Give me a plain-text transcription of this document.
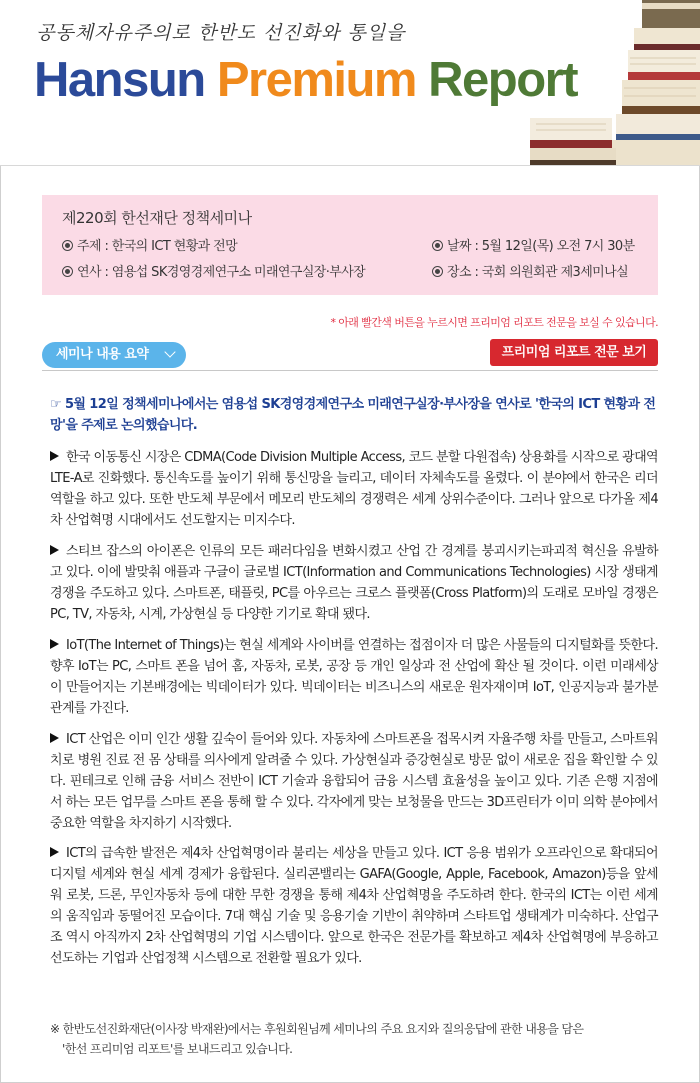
공동체자유주의로 한반도 선진화와 통일을
Hansun Premium Report
제220회 한선재단 정책세미나
주제 : 한국의 ICT 현황과 전망
연사 : 염용섭 SK경영경제연구소 미래연구실장·부사장
날짜 : 5월 12일(목) 오전 7시 30분
장소 : 국회 의원회관 제3세미나실
* 아래 빨간색 버튼을 누르시면 프리미엄 리포트 전문을 보실 수 있습니다.
세미나 내용 요약	프리미엄 리포트 전문 보기
☞ 5월 12일 정책세미나에서는 염용섭 SK경영경제연구소 미래연구실장·부사장을 연사로 '한국의 ICT 현황과 전망'을 주제로 논의했습니다.
한국 이동통신 시장은 CDMA(Code Division Multiple Access, 코드 분할 다원접속) 상용화를 시작으로 광대역 LTE-A로 진화했다. 통신속도를 높이기 위해 통신망을 늘리고, 데이터 자체속도를 올렸다. 이 분야에서 한국은 리더 역할을 하고 있다. 또한 반도체 부문에서 메모리 반도체의 경쟁력은 세계 상위수준이다. 그러나 앞으로 다가올 제4차 산업혁명 시대에서도 선도할지는 미지수다.
스티브 잡스의 아이폰은 인류의 모든 패러다임을 변화시켰고 산업 간 경계를 붕괴시키는파괴적 혁신을 유발하고 있다. 이에 발맞춰 애플과 구글이 글로벌 ICT(Information and Communications Technologies) 시장 생태계 경쟁을 주도하고 있다. 스마트폰, 태플릿, PC를 아우르는 크로스 플랫폼(Cross Platform)의 도래로 모바일 경쟁은 PC, TV, 자동차, 시계, 가상현실 등 다양한 기기로 확대 됐다.
IoT(The Internet of Things)는 현실 세계와 사이버를 연결하는 접점이자 더 많은 사물들의 디지털화를 뜻한다. 향후 IoT는 PC, 스마트 폰을 넘어 홈, 자동차, 로봇, 공장 등 개인 일상과 전 산업에 확산 될 것이다. 이런 미래세상이 만들어지는 기본배경에는 빅데이터가 있다. 빅데이터는 비즈니스의 새로운 원자재이며 IoT, 인공지능과 불가분 관계를 가진다.
ICT 산업은 이미 인간 생활 깊숙이 들어와 있다. 자동차에 스마트폰을 접목시켜 자율주행 차를 만들고, 스마트워치로 병원 진료 전 몸 상태를 의사에게 알려줄 수 있다. 가상현실과 증강현실로 방문 없이 새로운 집을 확인할 수 있다. 핀테크로 인해 금융 서비스 전반이 ICT 기술과 융합되어 금융 시스템 효율성을 높이고 있다. 기존 은행 지점에서 하는 모든 업무를 스마트 폰을 통해 할 수 있다. 각자에게 맞는 보청물을 만드는 3D프린터가 이미 의학 분야에서 중요한 역할을 차지하기 시작했다.
ICT의 급속한 발전은 제4차 산업혁명이라 불리는 세상을 만들고 있다. ICT 응용 범위가 오프라인으로 확대되어 디지털 세계와 현실 세계 경제가 융합된다. 실리콘밸리는 GAFA(Google, Apple, Facebook, Amazon)등을 앞세워 로봇, 드론, 무인자동차 등에 대한 무한 경쟁을 통해 제4차 산업혁명을 주도하려 한다. 한국의 ICT는 이런 세계의 움직임과 동떨어진 모습이다. 7대 핵심 기술 및 응용기술 기반이 취약하며 스타트업 생태계가 미숙하다. 산업구조 역시 아직까지 2차 산업혁명의 기업 시스템이다. 앞으로 한국은 전문가를 확보하고 제4차 산업혁명에 부응하고 선도하는 기업과 산업정책 시스템으로 전환할 필요가 있다.
※ 한반도선진화재단(이사장 박재완)에서는 후원회원님께 세미나의 주요 요지와 질의응답에 관한 내용을 담은
'한선 프리미엄 리포트'를 보내드리고 있습니다.
